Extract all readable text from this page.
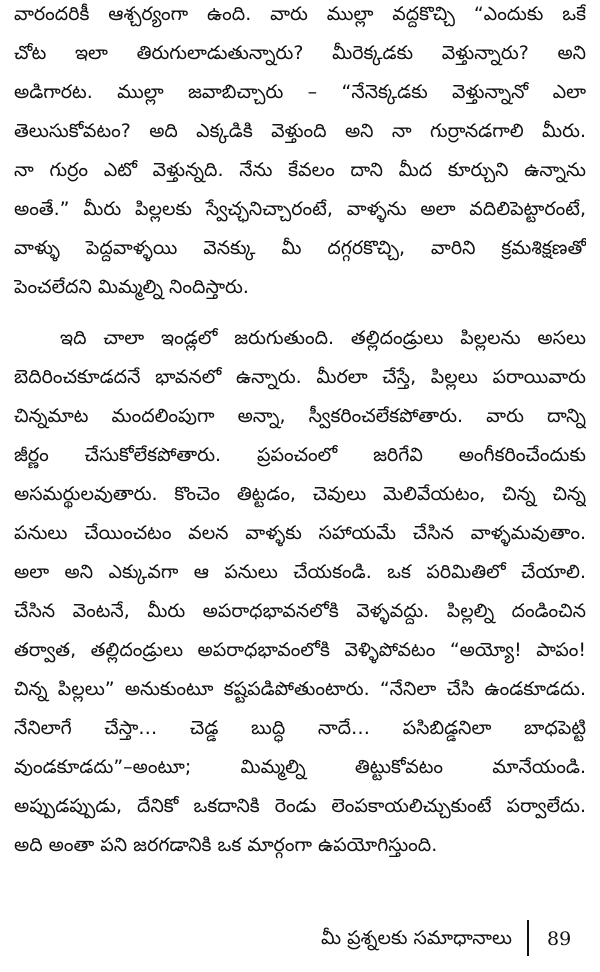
వారందరికీ ఆశ్చర్యంగా ఉంది. వారు ముల్లా వద్దకొచ్చి “ఎందుకు ఒకే
చోట ఇలా తిరుగులాడుతున్నారు? మీరెక్కడకు వెళ్తున్నారు? అని
అడిగారట. ముల్లా జవాబిచ్చారు – “నేనెక్కడకు వెళ్తున్నానో ఎలా
తెలుసుకోవటం? అది ఎక్కడికి వెళ్తుంది అని నా గుర్రానడగాలి మీరు.
నా గుర్రం ఎటో వెళ్తున్నది. నేను కేవలం దాని మీద కూర్చుని ఉన్నాను
అంతే.” మీరు పిల్లలకు స్వేచ్ఛనిచ్చారంటే, వాళ్ళను అలా వదిలిపెట్టారంటే,
వాళ్ళు పెద్దవాళ్ళయి వెనక్కు మీ దగ్గరకొచ్చి, వారిని క్రమశిక్షణతో
పెంచలేదని మిమ్మల్ని నిందిస్తారు.
ఇది చాలా ఇండ్లలో జరుగుతుంది. తల్లిదండ్రులు పిల్లలను అసలు
బెదిరించకూడదనే భావనలో ఉన్నారు. మీరలా చేస్తే, పిల్లలు పరాయివారు
చిన్నమాట మందలింపుగా అన్నా, స్వీకరించలేకపోతారు. వారు దాన్ని
జీర్ణం చేసుకోలేకపోతారు. ప్రపంచంలో జరిగేవి అంగీకరించేందుకు
అసమర్థులవుతారు. కొంచెం తిట్టడం, చెవులు మెలివేయటం, చిన్న చిన్న
పనులు చేయించటం వలన వాళ్ళకు సహాయమే చేసిన వాళ్ళమవుతాం.
అలా అని ఎక్కువగా ఆ పనులు చేయకండి. ఒక పరిమితిలో చేయాలి.
చేసిన వెంటనే, మీరు అపరాధభావనలోకి వెళ్ళవద్దు. పిల్లల్ని దండించిన
తర్వాత, తల్లిదండ్రులు అపరాధభావంలోకి వెళ్ళిపోవటం “అయ్యో! పాపం!
చిన్న పిల్లలు” అనుకుంటూ కష్టపడిపోతుంటారు. “నేనిలా చేసి ఉండకూడదు.
నేనిలాగే చేస్తా… చెడ్డ బుద్ధి నాదే… పసిబిడ్డనిలా బాధపెట్టి
వుండకూడదు”–అంటూ; మిమ్మల్ని తిట్టుకోవటం మానేయండి.
అప్పుడప్పుడు, దేనికో ఒకదానికి రెండు లెంపకాయలిచ్చుకుంటే పర్వాలేదు.
అది అంతా పని జరగడానికి ఒక మార్గంగా ఉపయోగిస్తుంది.
మీ ప్రశ్నలకు సమాధానాలు 89
